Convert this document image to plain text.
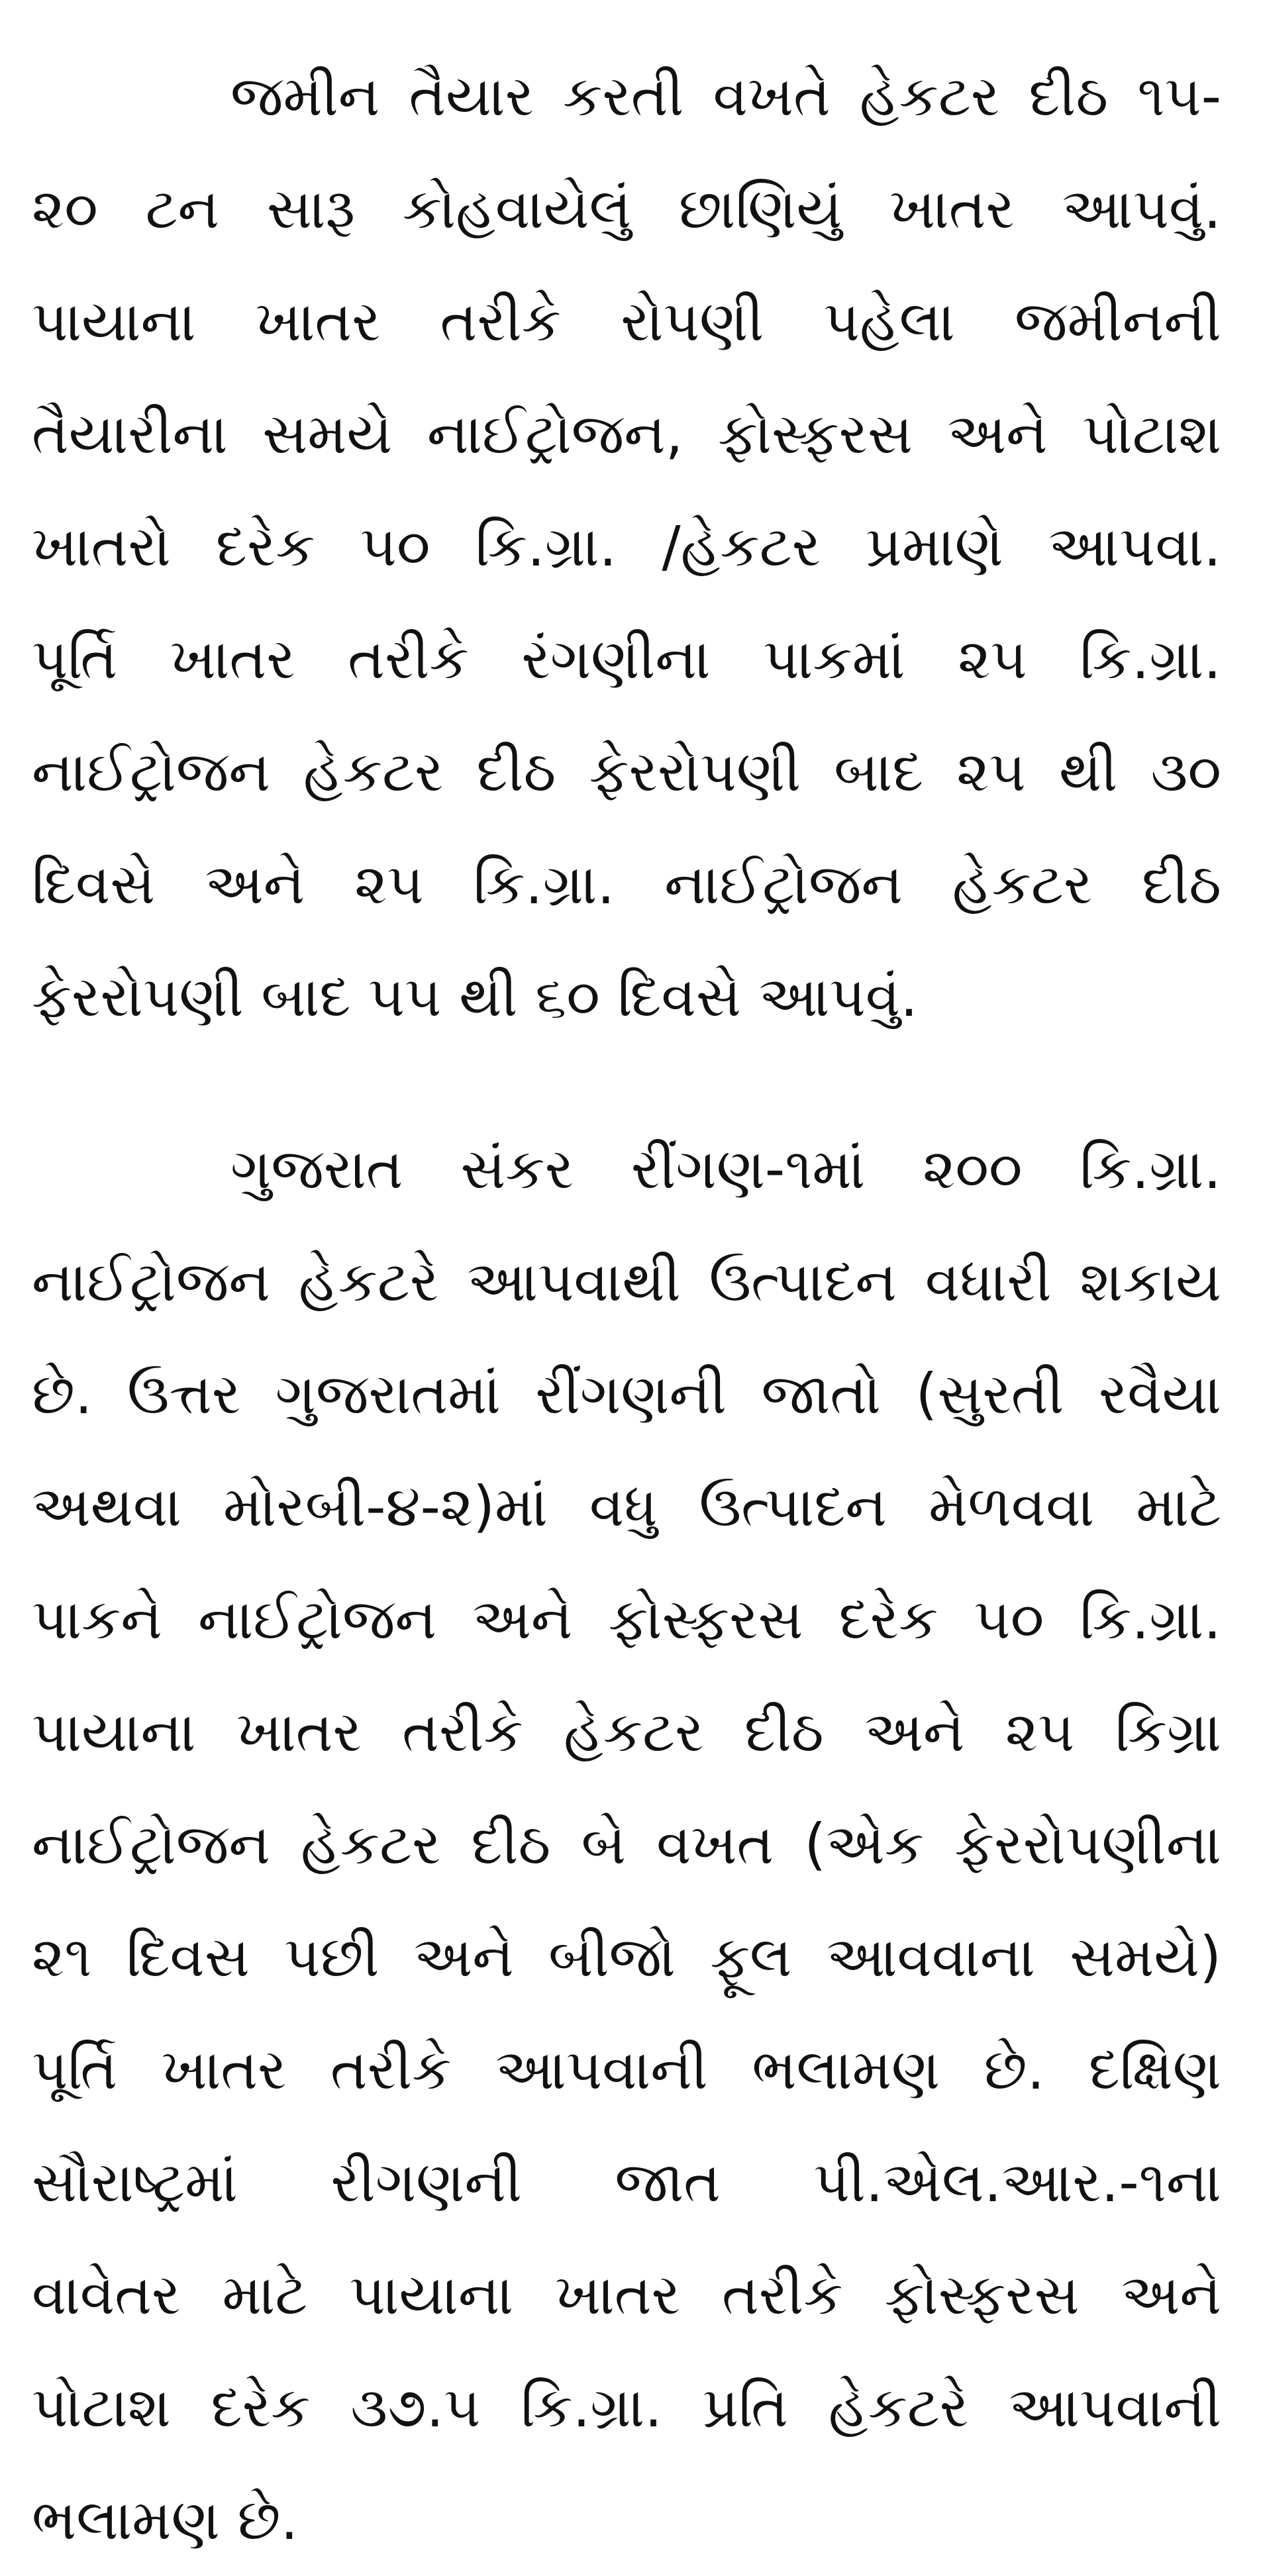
જમીન તૈયાર કરતી વખતે હેકટર દીઠ ૧૫-
૨૦ ટન સારૂ કોહવાયેલું છાણિયું ખાતર આપવું.
પાયાના ખાતર તરીકે રોપણી પહેલા જમીનની
તૈયારીના સમયે નાઈટ્રોજન, ફોસ્ફરસ અને પોટાશ
ખાતરો દરેક ૫૦ કિ.ગ્રા. /હેકટર પ્રમાણે આપવા.
પૂર્તિ ખાતર તરીકે રંગણીના પાકમાં ૨૫ કિ.ગ્રા.
નાઈટ્રોજન હેકટર દીઠ ફેરરોપણી બાદ ૨૫ થી ૩૦
દિવસે અને ૨૫ કિ.ગ્રા. નાઈટ્રોજન હેકટર દીઠ
ફેરરોપણી બાદ ૫૫ થી ૬૦ દિવસે આપવું.
ગુજરાત સંકર રીંગણ-૧માં ૨૦૦ કિ.ગ્રા.
નાઈટ્રોજન હેકટરે આપવાથી ઉત્પાદન વધારી શકાય
છે. ઉત્તર ગુજરાતમાં રીંગણની જાતો (સુરતી રવૈયા
અથવા મોરબી-૪-૨)માં વધુ ઉત્પાદન મેળવવા માટે
પાકને નાઈટ્રોજન અને ફોસ્ફરસ દરેક ૫૦ કિ.ગ્રા.
પાયાના ખાતર તરીકે હેકટર દીઠ અને ૨૫ કિગ્રા
નાઈટ્રોજન હેકટર દીઠ બે વખત (એક ફેરરોપણીના
૨૧ દિવસ પછી અને બીજો ફૂલ આવવાના સમયે)
પૂર્તિ ખાતર તરીકે આપવાની ભલામણ છે. દક્ષિણ
સૌરાષ્ટ્રમાં રીગણની જાત પી.એલ.આર.-૧ના
વાવેતર માટે પાયાના ખાતર તરીકે ફોસ્ફરસ અને
પોટાશ દરેક ૩૭.૫ કિ.ગ્રા. પ્રતિ હેકટરે આપવાની
ભલામણ છે.
